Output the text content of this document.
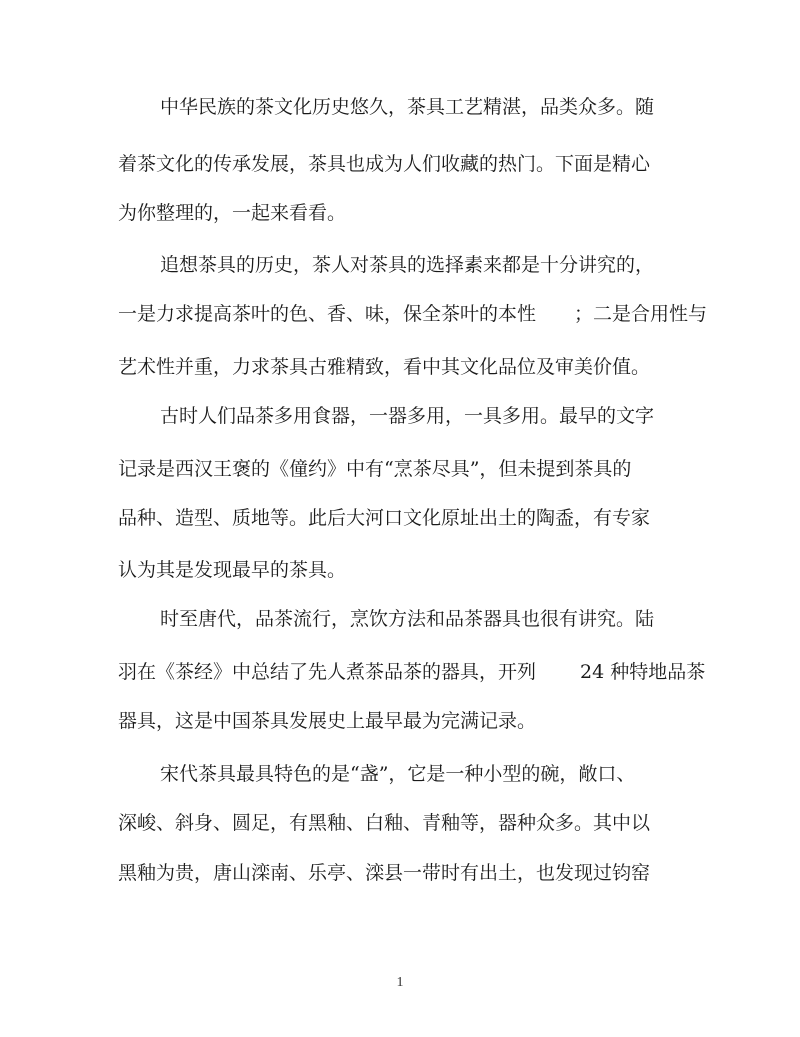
中华民族的茶文化历史悠久，茶具工艺精湛，品类众多。随
着茶文化的传承发展，茶具也成为人们收藏的热门。下面是精心
为你整理的，一起来看看。
追想茶具的历史，茶人对茶具的选择素来都是十分讲究的，
一是力求提高茶叶的色、香、味，保全茶叶的本性　　；二是合用性与
艺术性并重，力求茶具古雅精致，看中其文化品位及审美价值。
古时人们品茶多用食器，一器多用，一具多用。最早的文字
记录是西汉王褒的《僮约》中有“烹茶尽具”，但未提到茶具的
品种、造型、质地等。此后大河口文化原址出土的陶盉，有专家
认为其是发现最早的茶具。
时至唐代，品茶流行，烹饮方法和品茶器具也很有讲究。陆
羽在《茶经》中总结了先人煮茶品茶的器具，开列　　 24 种特地品茶
器具，这是中国茶具发展史上最早最为完满记录。
宋代茶具最具特色的是“盏”，它是一种小型的碗，敞口、
深峻、斜身、圆足，有黑釉、白釉、青釉等，器种众多。其中以
黑釉为贵，唐山滦南、乐亭、滦县一带时有出土，也发现过钧窑
1
